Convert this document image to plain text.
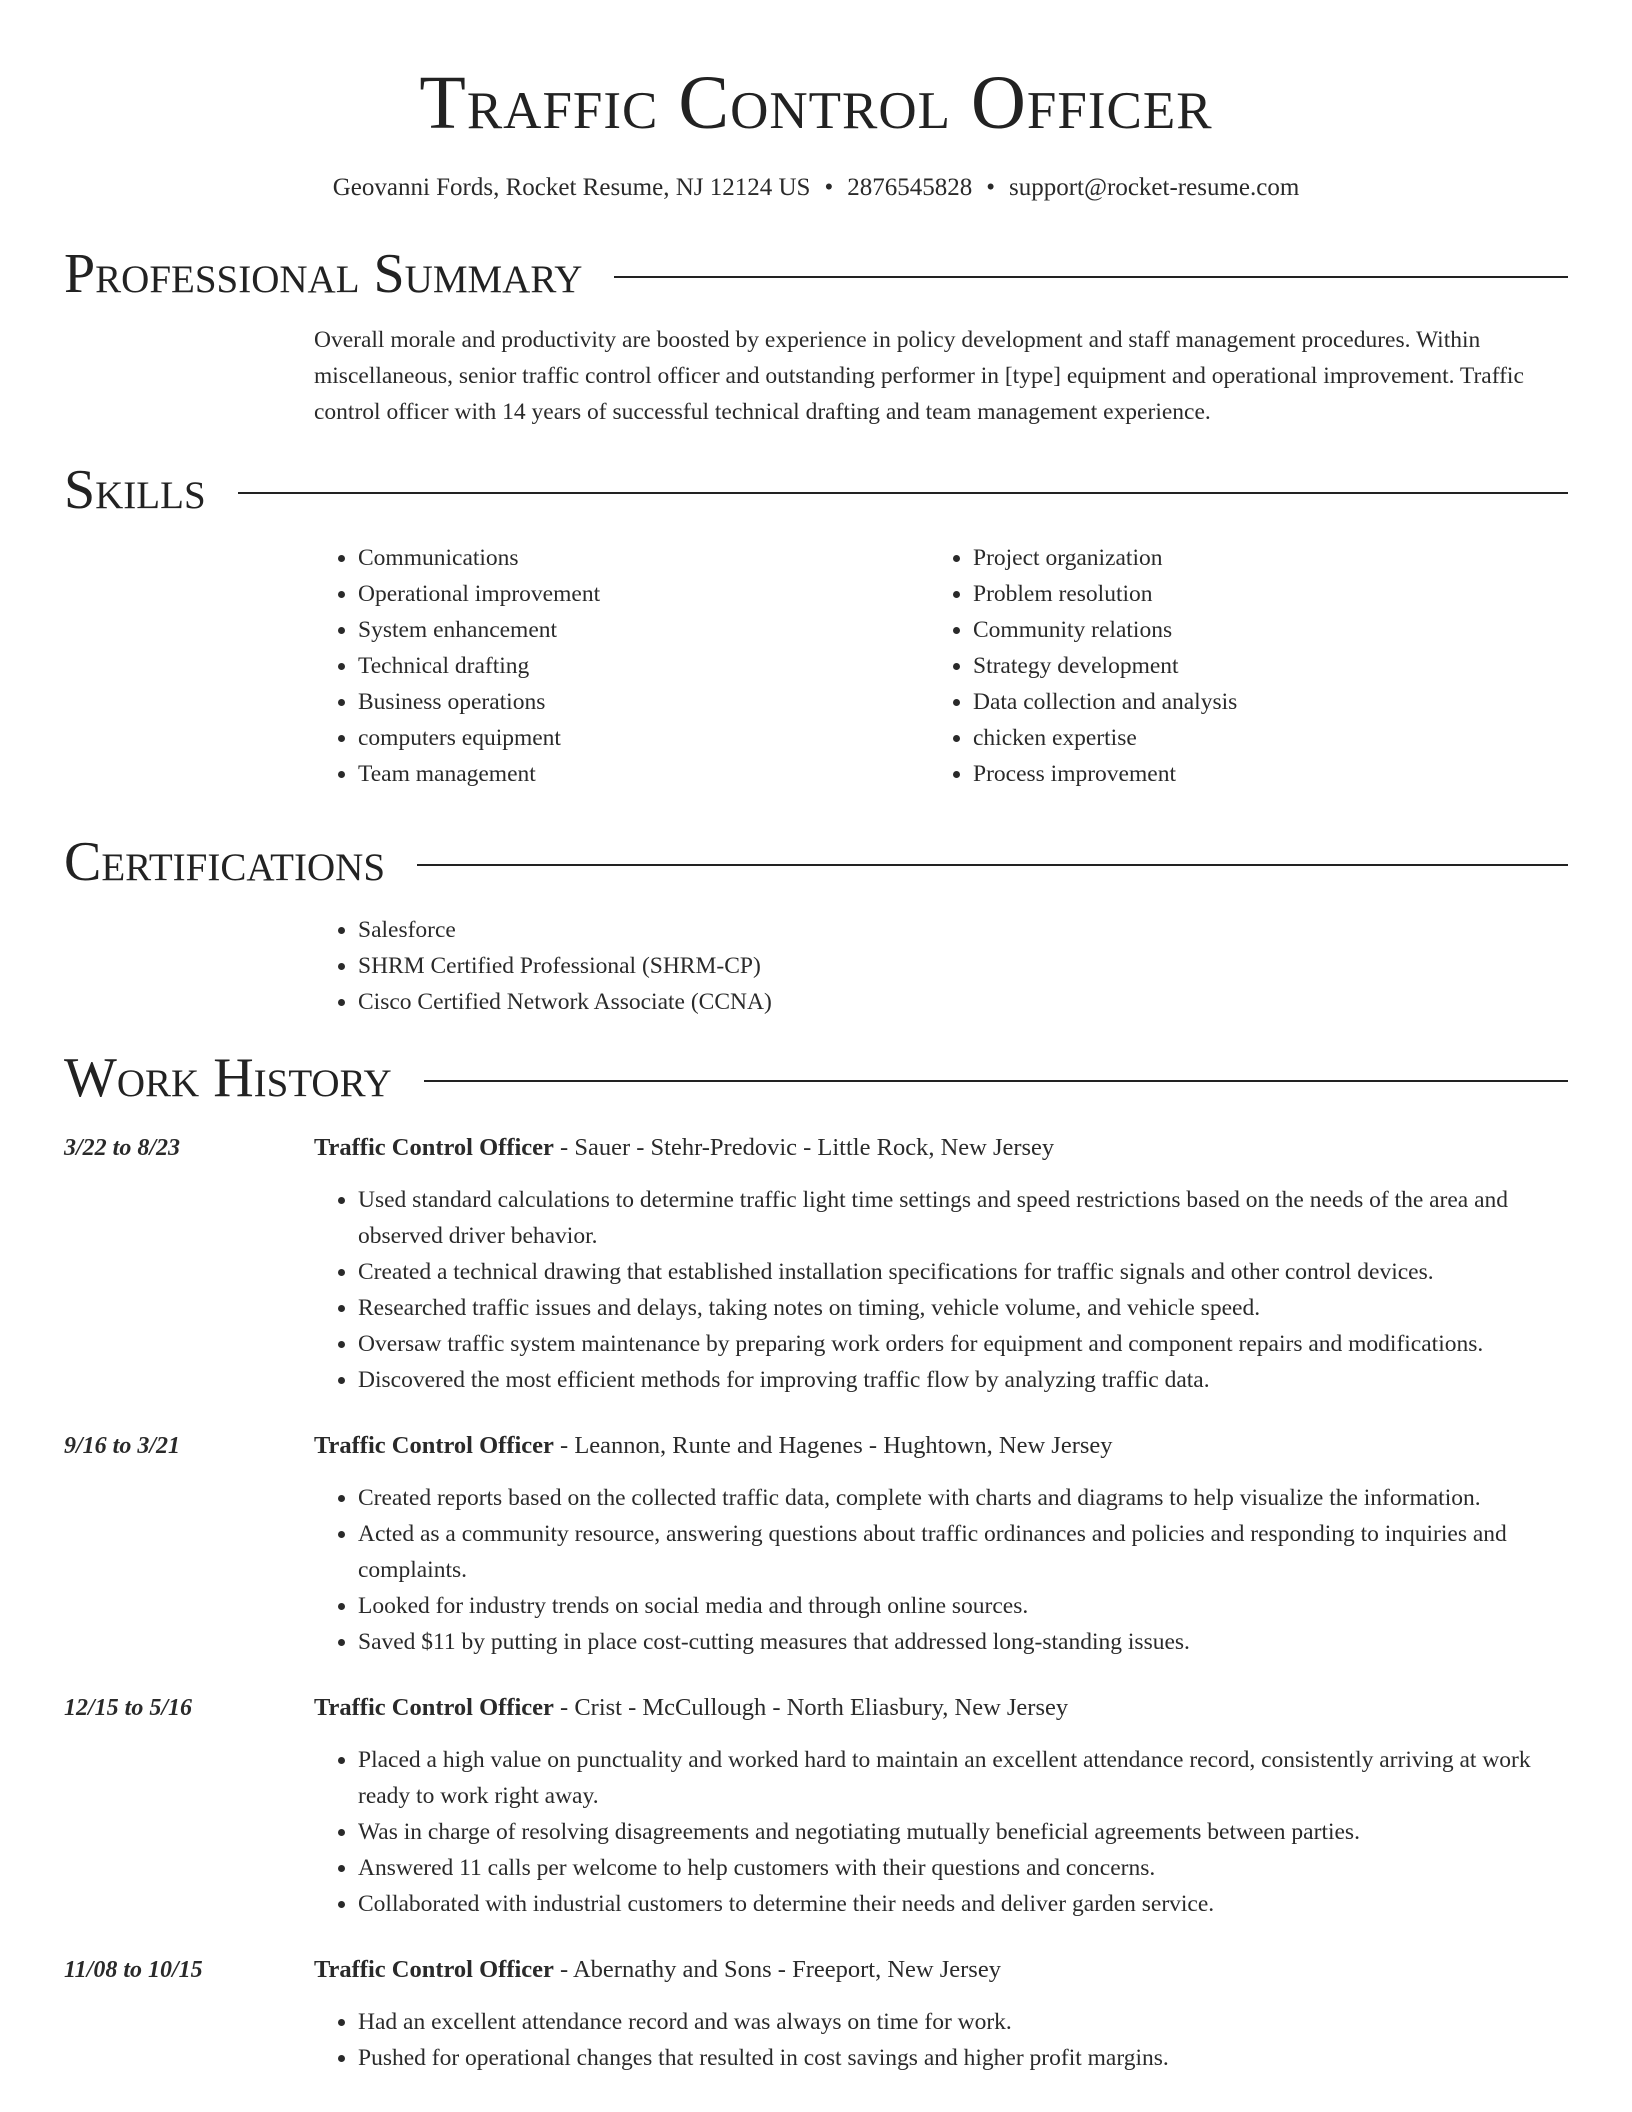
Traffic Control Officer
Geovanni Fords, Rocket Resume, NJ 12124 US • 2876545828 • support@rocket-resume.com
Professional Summary

Overall morale and productivity are boosted by experience in policy development and staff management procedures. Within miscellaneous, senior traffic control officer and outstanding performer in [type] equipment and operational improvement. Traffic control officer with 14 years of successful technical drafting and team management experience.

Skills
• Communications
• Operational improvement
• System enhancement
• Technical drafting
• Business operations
• computers equipment
• Team management
• Project organization
• Problem resolution
• Community relations
• Strategy development
• Data collection and analysis
• chicken expertise
• Process improvement
Certifications
• Salesforce
• SHRM Certified Professional (SHRM-CP)
• Cisco Certified Network Associate (CCNA)
Work History
3/22 to 8/23	Traffic Control Officer - Sauer - Stehr-Predovic - Little Rock, New Jersey
• Used standard calculations to determine traffic light time settings and speed restrictions based on the needs of the area and observed driver behavior.
• Created a technical drawing that established installation specifications for traffic signals and other control devices.
• Researched traffic issues and delays, taking notes on timing, vehicle volume, and vehicle speed.
• Oversaw traffic system maintenance by preparing work orders for equipment and component repairs and modifications.
• Discovered the most efficient methods for improving traffic flow by analyzing traffic data.
9/16 to 3/21	Traffic Control Officer - Leannon, Runte and Hagenes - Hughtown, New Jersey
• Created reports based on the collected traffic data, complete with charts and diagrams to help visualize the information.
• Acted as a community resource, answering questions about traffic ordinances and policies and responding to inquiries and complaints.
• Looked for industry trends on social media and through online sources.
• Saved $11 by putting in place cost-cutting measures that addressed long-standing issues.
12/15 to 5/16	Traffic Control Officer - Crist - McCullough - North Eliasbury, New Jersey
• Placed a high value on punctuality and worked hard to maintain an excellent attendance record, consistently arriving at work ready to work right away.
• Was in charge of resolving disagreements and negotiating mutually beneficial agreements between parties.
• Answered 11 calls per welcome to help customers with their questions and concerns.
• Collaborated with industrial customers to determine their needs and deliver garden service.
11/08 to 10/15	Traffic Control Officer - Abernathy and Sons - Freeport, New Jersey
• Had an excellent attendance record and was always on time for work.
• Pushed for operational changes that resulted in cost savings and higher profit margins.
